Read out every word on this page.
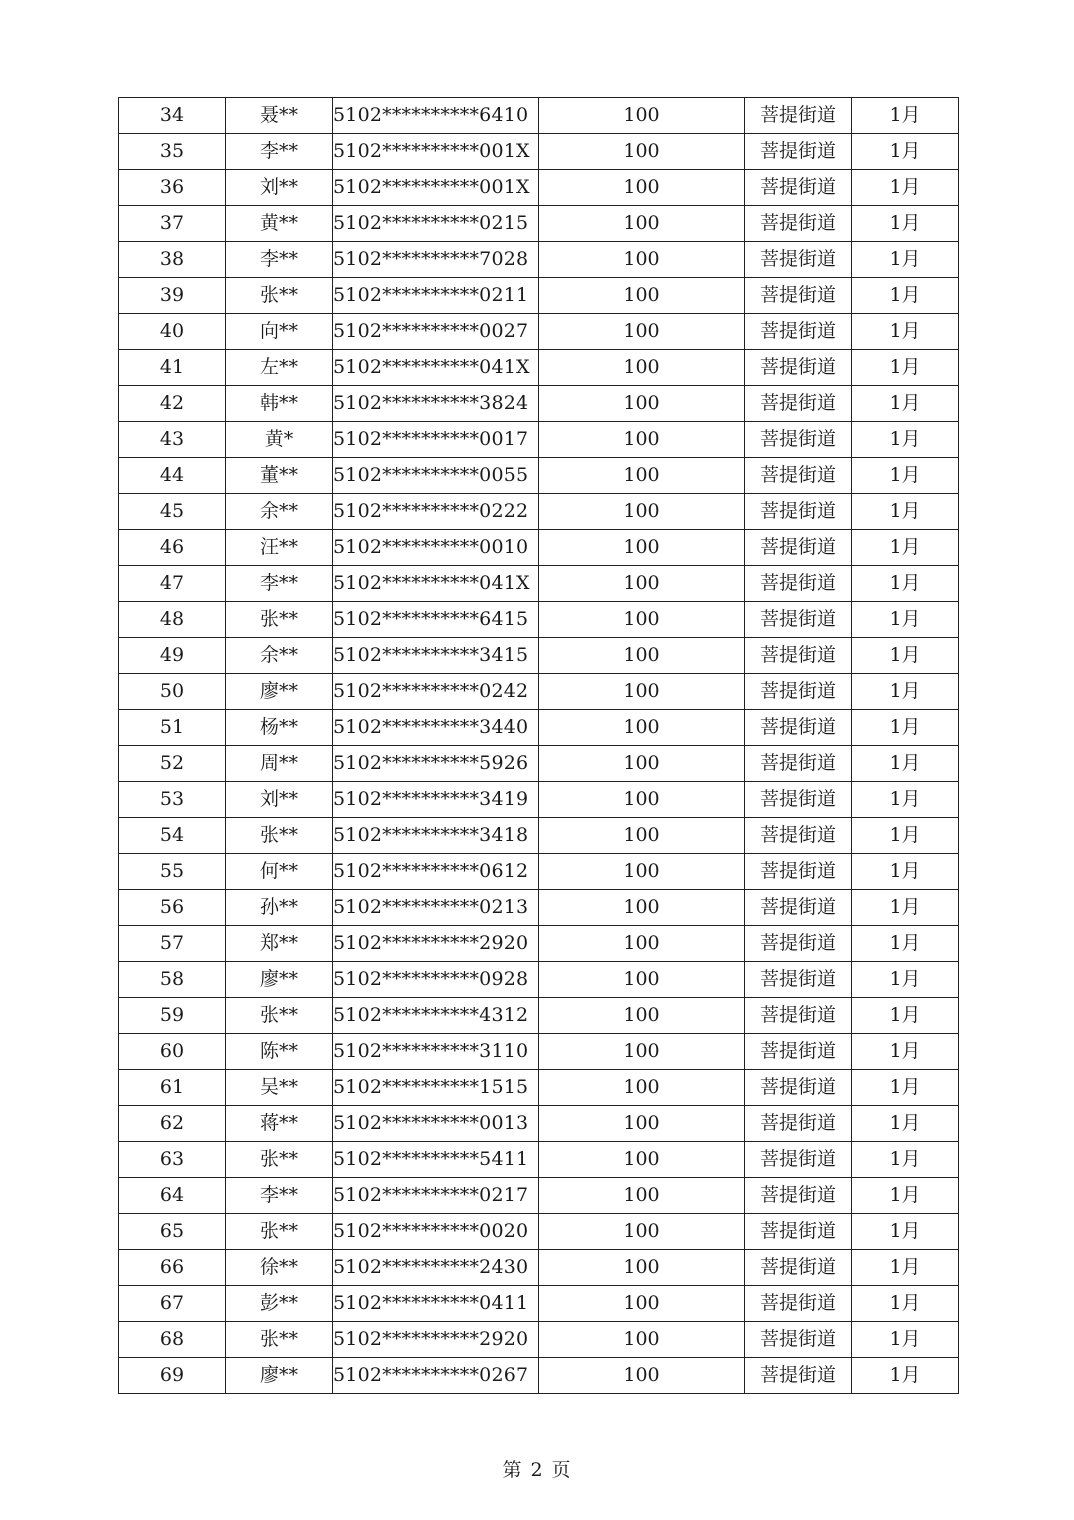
34	聂**	5102**********6410	100	菩提街道	1月
35	李**	5102**********001X	100	菩提街道	1月
36	刘**	5102**********001X	100	菩提街道	1月
37	黄**	5102**********0215	100	菩提街道	1月
38	李**	5102**********7028	100	菩提街道	1月
39	张**	5102**********0211	100	菩提街道	1月
40	向**	5102**********0027	100	菩提街道	1月
41	左**	5102**********041X	100	菩提街道	1月
42	韩**	5102**********3824	100	菩提街道	1月
43	黄*	5102**********0017	100	菩提街道	1月
44	董**	5102**********0055	100	菩提街道	1月
45	余**	5102**********0222	100	菩提街道	1月
46	汪**	5102**********0010	100	菩提街道	1月
47	李**	5102**********041X	100	菩提街道	1月
48	张**	5102**********6415	100	菩提街道	1月
49	余**	5102**********3415	100	菩提街道	1月
50	廖**	5102**********0242	100	菩提街道	1月
51	杨**	5102**********3440	100	菩提街道	1月
52	周**	5102**********5926	100	菩提街道	1月
53	刘**	5102**********3419	100	菩提街道	1月
54	张**	5102**********3418	100	菩提街道	1月
55	何**	5102**********0612	100	菩提街道	1月
56	孙**	5102**********0213	100	菩提街道	1月
57	郑**	5102**********2920	100	菩提街道	1月
58	廖**	5102**********0928	100	菩提街道	1月
59	张**	5102**********4312	100	菩提街道	1月
60	陈**	5102**********3110	100	菩提街道	1月
61	吴**	5102**********1515	100	菩提街道	1月
62	蒋**	5102**********0013	100	菩提街道	1月
63	张**	5102**********5411	100	菩提街道	1月
64	李**	5102**********0217	100	菩提街道	1月
65	张**	5102**********0020	100	菩提街道	1月
66	徐**	5102**********2430	100	菩提街道	1月
67	彭**	5102**********0411	100	菩提街道	1月
68	张**	5102**********2920	100	菩提街道	1月
69	廖**	5102**********0267	100	菩提街道	1月
第 2 页
